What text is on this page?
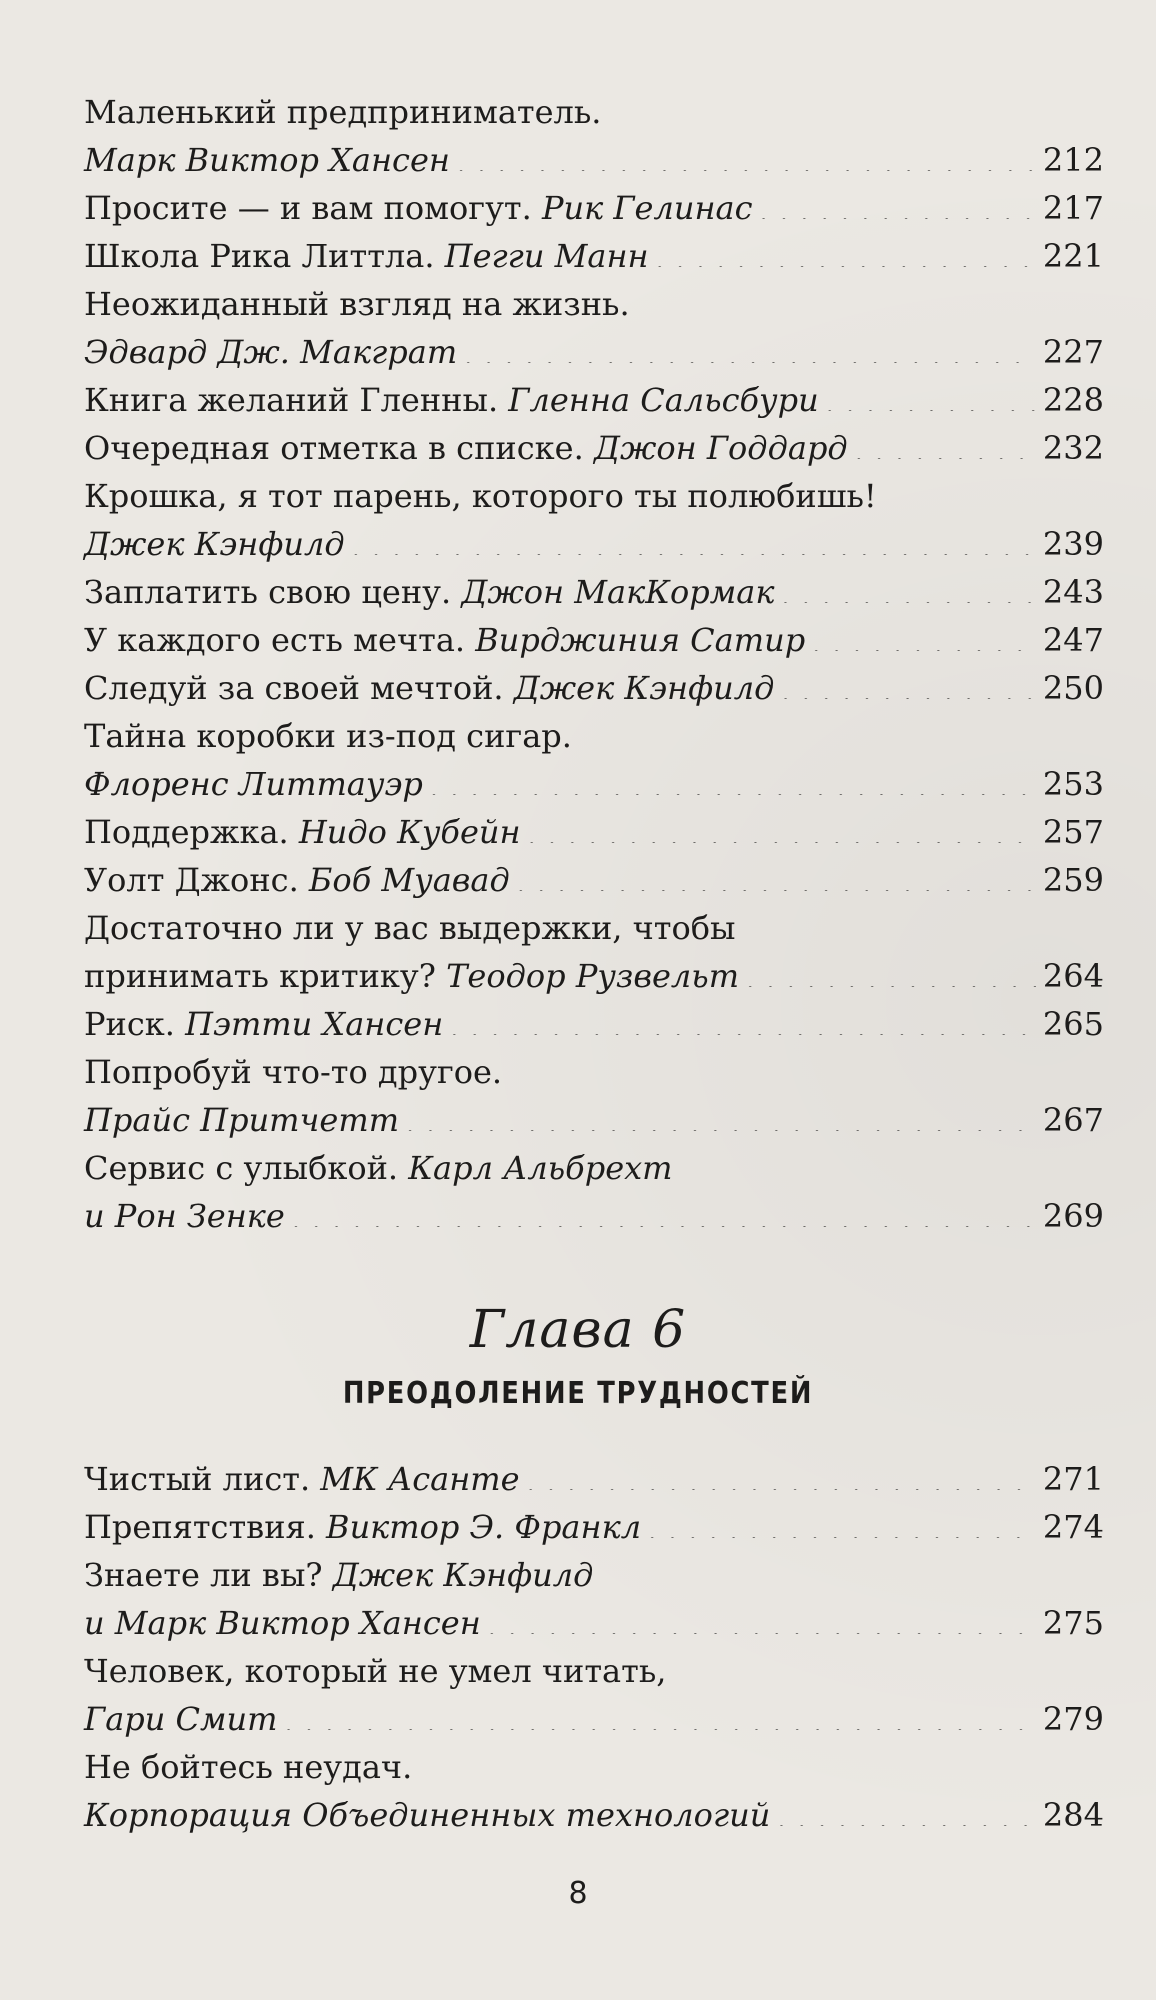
Маленький предприниматель.
Марк Виктор Хансен . . .	212
Просите — и вам помогут.
Рик Гелинас . . .	217
Школа Рика Литтла.
Пегги Манн . . .	221
Неожиданный взгляд на жизнь.
Эдвард Дж. Макграт . . .	227
Книга желаний Гленны.
Гленна Сальсбури . . .	228
Очередная отметка в списке.
Джон Годдард . . .	232
Крошка, я тот парень, которого ты полюбишь!
Джек Кэнфилд . . .	239
Заплатить свою цену.
Джон МакКормак . . .	243
У каждого есть мечта.
Вирджиния Сатир . . .	247
Следуй за своей мечтой.
Джек Кэнфилд . . .	250
Тайна коробки из-под сигар.
Флоренс Литтауэр . . .	253
Поддержка.
Нидо Кубейн . . .	257
Уолт Джонс.
Боб Муавад . . .	259
Достаточно ли у вас выдержки, чтобы
принимать критику?
Теодор Рузвельт . . .	264
Риск.
Пэтти Хансен . . .	265
Попробуй что-то другое.
Прайс Притчетт . . .	267
Сервис с улыбкой.
Карл Альбрехт
и Рон Зенке . . .	269
Глава 6
ПРЕОДОЛЕНИЕ ТРУДНОСТЕЙ
Чистый лист.
МК Асанте . . .	271
Препятствия.
Виктор Э. Франкл . . .	274
Знаете ли вы?
Джек Кэнфилд
и Марк Виктор Хансен . . .	275
Человек, который не умел читать,
Гари Смит . . .	279
Не бойтесь неудач.
Корпорация Объединенных технологий . . .	284
8
